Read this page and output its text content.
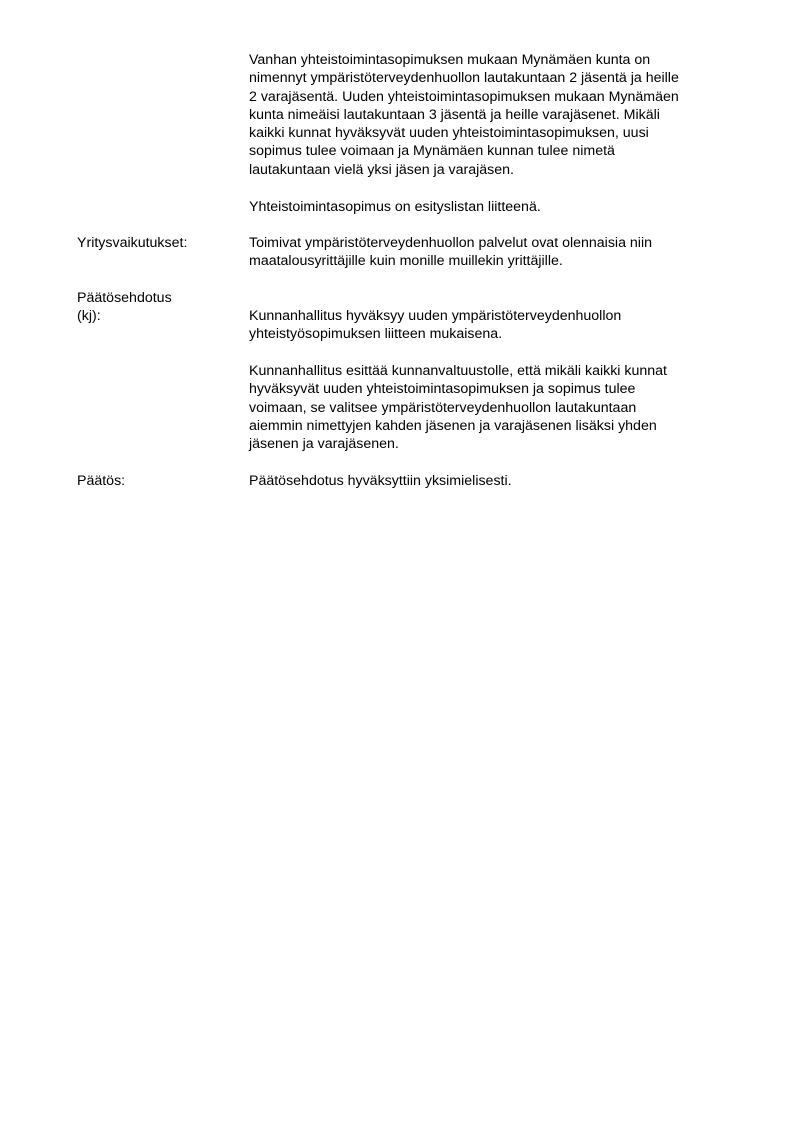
Vanhan yhteistoimintasopimuksen mukaan Mynämäen kunta on
nimennyt ympäristöterveydenhuollon lautakuntaan 2 jäsentä ja heille
2 varajäsentä. Uuden yhteistoimintasopimuksen mukaan Mynämäen
kunta nimeäisi lautakuntaan 3 jäsentä ja heille varajäsenet. Mikäli
kaikki kunnat hyväksyvät uuden yhteistoimintasopimuksen, uusi
sopimus tulee voimaan ja Mynämäen kunnan tulee nimetä
lautakuntaan vielä yksi jäsen ja varajäsen.
Yhteistoimintasopimus on esityslistan liitteenä.
Yritysvaikutukset:	Toimivat ympäristöterveydenhuollon palvelut ovat olennaisia niin
maatalousyrittäjille kuin monille muillekin yrittäjille.
Päätösehdotus
(kj):	Kunnanhallitus hyväksyy uuden ympäristöterveydenhuollon
yhteistyösopimuksen liitteen mukaisena.
Kunnanhallitus esittää kunnanvaltuustolle, että mikäli kaikki kunnat
hyväksyvät uuden yhteistoimintasopimuksen ja sopimus tulee
voimaan, se valitsee ympäristöterveydenhuollon lautakuntaan
aiemmin nimettyjen kahden jäsenen ja varajäsenen lisäksi yhden
jäsenen ja varajäsenen.
Päätös:	Päätösehdotus hyväksyttiin yksimielisesti.
